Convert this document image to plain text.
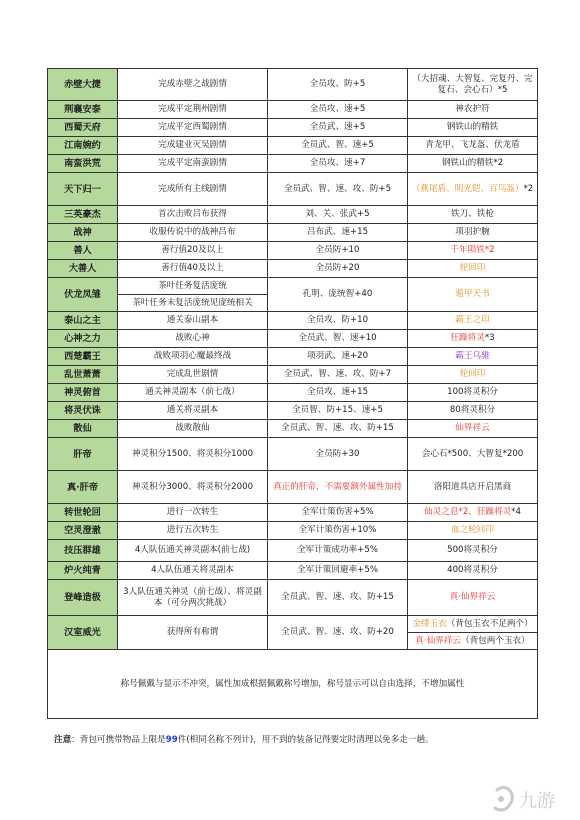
赤壁大捷	完成赤壁之战剧情	全员攻、防+5	（大招魂、大智复、完复丹、完复石、会心石）*5
荆襄安泰	完成平定荆州剧情	全员攻、速+5	神农护符
西蜀天府	完成平定西蜀剧情	全员武、速+5	钢铁山的精铁
江南婉约	完成建业灭吴剧情	全员武、智、速+5	青龙甲、飞龙盔、伏龙盾
南蛮洪荒	完成平定南蛮剧情	全员攻、速+7	钢铁山的精铁*2
天下归一	完成所有主线剧情	全员武、智、速、攻、防+5	（燕尾盾、明光铠、百鸟盔）*2
三英豪杰	首次击败吕布获得	刘、关、张武+5	铁刀、铁枪
战神	收服传说中的战神吕布	吕布武、速+15	项羽护腕
善人	善行值20及以上	全员防+10	千年陨铁*2
大善人	善行值40及以上	全员防+20	轮回印
伏龙凤雏	茶叶任务复活庞统	孔明、庞统智+40	遁甲天书
	茶叶任务未复活庞统见庞统相关		
泰山之主	通关泰山副本	全员攻、防+10	霸王之印
心神之力	战败心神	全员武、智、速+10	狂躁将灵*3
西楚霸王	战败项羽心魔最终战	项羽武、速+20	霸王乌骓
乱世萧萧	完成乱世剧情	全员武、智、速、攻、防+7	轮回印
神灵俯首	通关神灵副本（前七战）	全员攻、速+15	100将灵积分
将灵伏诛	通关将灵副本	全员智、防+15、速+5	80将灵积分
散仙	战败散仙	全员武、智、速、攻、防+15	仙界祥云
肝帝	神灵积分1500、将灵积分1000	全员防+30	会心石*500、大智复*200
真·肝帝	神灵积分3000、将灵积分2000	真正的肝帝，不需要额外属性加持	洛阳道具店开启黑商
转世轮回	进行一次转生	全军计策伤害+5%	仙灵之息*2、狂躁将灵*4
空灵澄澈	进行五次转生	全军计策伤害+10%	血之轮回印
技压群雄	4人队伍通关神灵副本(前七战)	全军计策成功率+5%	500将灵积分
炉火纯青	4人队伍通关将灵副本	全军计策回避率+5%	400将灵积分
登峰造极	3人队伍通关神灵（前七战）、将灵副本（可分两次挑战）	全员武、智、速、攻、防+15	真·仙界祥云
汉室威光	获得所有称谓	全员武、智、速、攻、防+20	金缕玉衣（背包玉衣不足两个）
			真·仙界祥云（背包两个玉衣）
称号佩戴与显示不冲突，属性加成根据佩戴称号增加，称号显示可以自由选择，不增加属性			
注意：背包可携带物品上限是99件(相同名称不列计)，用不到的装备记得要定时清理以免多走一趟。
九游
